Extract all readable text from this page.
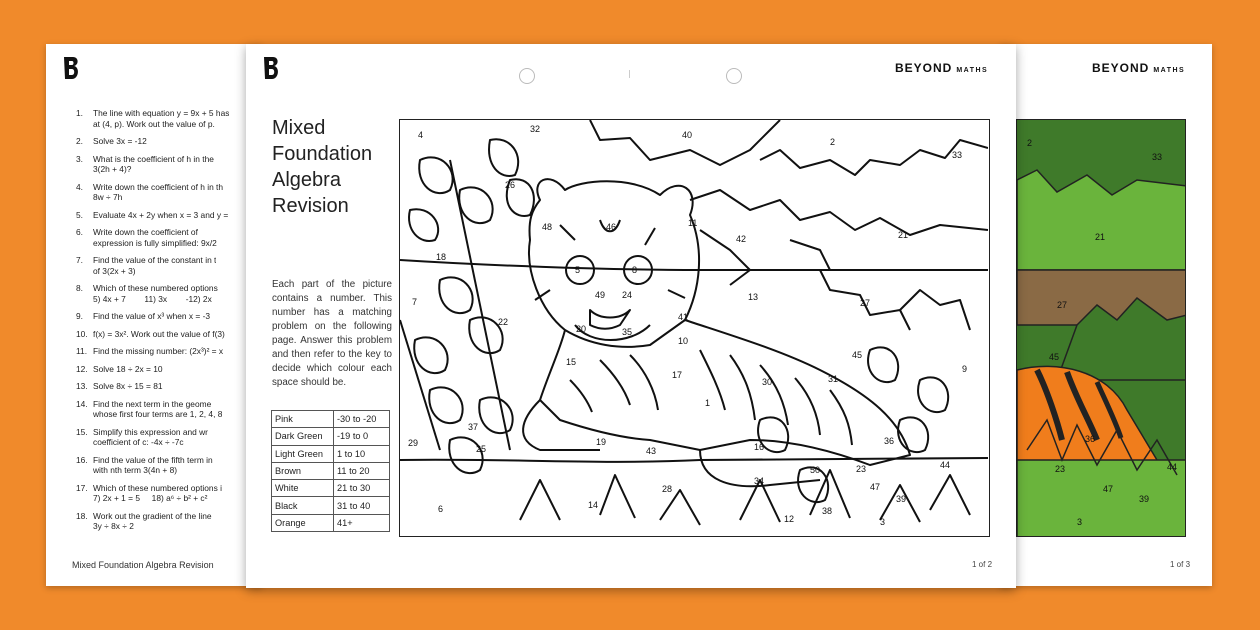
1.	The line with equation y = 9x + 5 has
at (4, p). Work out the value of p.
2.	Solve 3x = -12
3.	What is the coefficient of h in the
3(2h + 4)?
4.	Write down the coefficient of h in th
8w ÷ 7h
5.	Evaluate 4x + 2y when x = 3 and y =
6.	Write down the coefficient of
expression is fully simplified: 9x/2
7.	Find the value of the constant in t
of 3(2x + 3)
8.	Which of these numbered options
5) 4x + 7        11) 3x        -12) 2x
9.	Find the value of x³ when x = -3
10. f(x) = 3x². Work out the value of f(3)
11. Find the missing number: (2x³)² = x
12. Solve 18 ÷ 2x = 10
13. Solve 8x ÷ 15 = 81
14. Find the next term in the geome
whose first four terms are 1, 2, 4, 8
15. Simplify this expression and wr
coefficient of c: -4x ÷ -7c
16. Find the value of the fifth term in
with nth term 3(4n + 8)
17. Which of these numbered options i
7) 2x + 1 = 5     18) a⁶ ÷ b² + c²
18. Work out the gradient of the line
3y ÷ 8x ÷ 2
Mixed Foundation Algebra Revision
BEYOND MATHS
2
33
21
27
45
36
23
47
39
44
3
1 of 3
BEYOND MATHS
Mixed
Foundation
Algebra
Revision
Each part of the picture contains a number. This number has a matching problem on the following page. Answer this problem and then refer to the key to decide which colour each space should be.
Pink	-30 to -20
Dark Green	-19 to 0
Light Green	1 to 10
Brown	11 to 20
White	21 to 30
Black	31 to 40
Orange	41+
4
32
40
2
33
26
48	46	11
42	21
18
5	8
49 24	13
27
7
22
20	35
41
10
15
17
45
9
30	31
1
37
19
43	16
36
25
29
50	23	44
39
6	14
28
12	3
34
38
47
1 of 2
